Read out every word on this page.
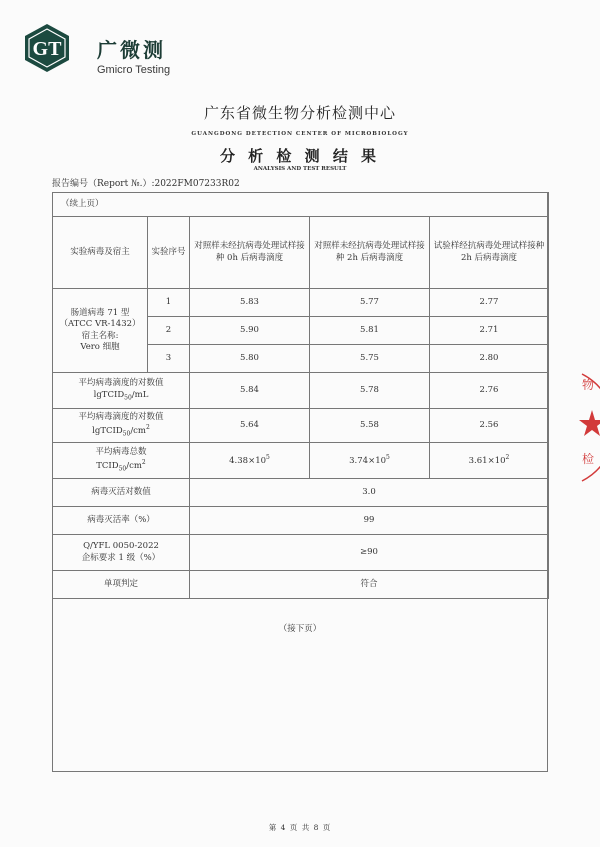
GT 广微测
Gmicro Testing
广东省微生物分析检测中心
GUANGDONG DETECTION CENTER OF MICROBIOLOGY
分 析 检 测 结 果
ANALYSIS AND TEST RESULT
报告编号（Report №.）:2022FM07233R02
（续上页）				
实验病毒及宿主	实验序号	对照样未经抗病毒处理试样接种 0h 后病毒滴度	对照样未经抗病毒处理试样接种 2h 后病毒滴度	试验样经抗病毒处理试样接种 2h 后病毒滴度

肠道病毒 71 型
（ATCC VR-1432）
宿主名称:
Vero 细胞	1	5.83	5.77	2.77
	2	5.90	5.81	2.71
	3	5.80	5.75	2.80

平均病毒滴度的对数值
lgTCID$_{50}$/mL		5.84	5.78	2.76

平均病毒滴度的对数值
$lgTCID_{50}/cm^2$		5.64	5.58	2.56

平均病毒总数
$TCID_{50}/cm^2$		$4.38\times 10^5$	$3.74\times 10^5$	$3.61\times 10^2$
病毒灭活对数值		3.0		
病毒灭活率（%）		99		

Q/YFL 0050-2022
企标要求 1 级（%）		≥90		
单项判定		符合		
（接下页）
第 4 页 共 8 页
物
检
